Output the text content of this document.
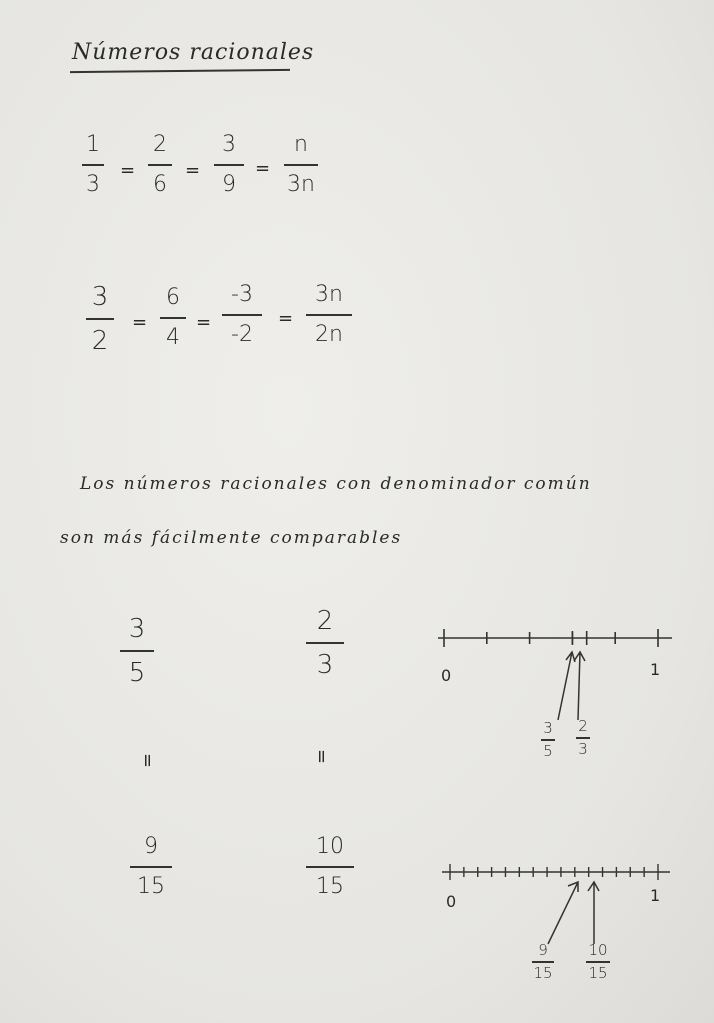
Números racionales
1
3
=
2
6
=
3
9
=
n
3n
3
2
=
6
4
=
-3
-2
=
3n
2n
Los números racionales con denominador común
son más fácilmente comparables
3
5
2
3
=	=
9
15
10
15
0	1
3
5
2
3
0	1
9
15
10
15
